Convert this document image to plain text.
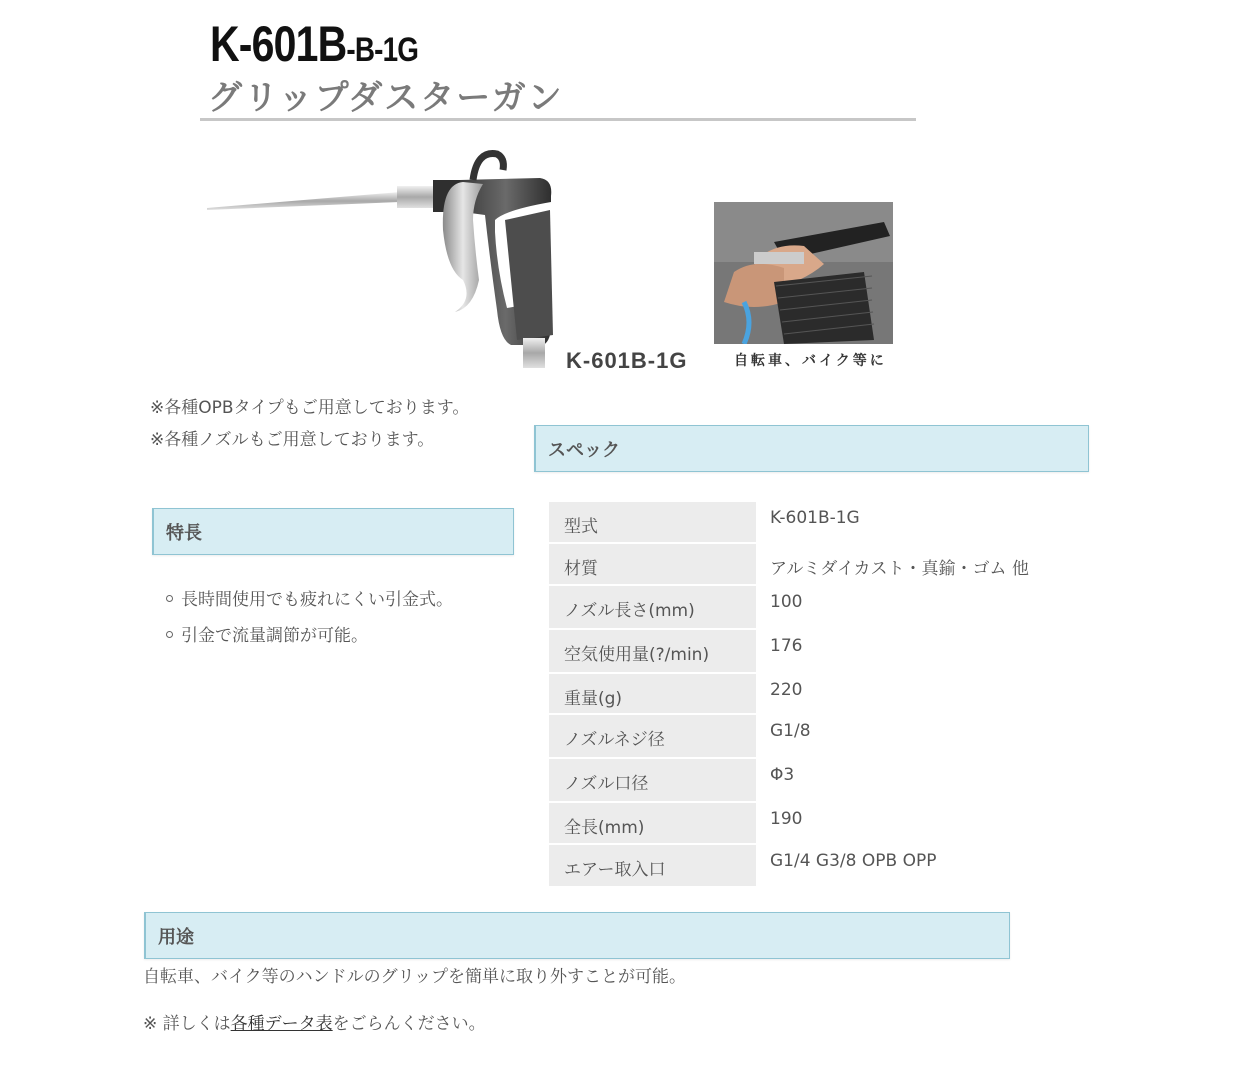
K-601B-B-1G
グリップダスターガン
K-601B-1G	自転車、バイク等に
※各種OPBタイプもご用意しております。
※各種ノズルもご用意しております。	スペック
特長
長時間使用でも疲れにくい引金式。
引金で流量調節が可能。
型式	K-601B-1G
材質	アルミダイカスト・真鍮・ゴム 他
ノズル長さ(mm)	100
空気使用量(?/min)	176
重量(g)	220
ノズルネジ径	G1/8
ノズル口径	Φ3
全長(mm)	190
エアー取入口	G1/4 G3/8 OPB OPP
用途
自転車、バイク等のハンドルのグリップを簡単に取り外すことが可能。
※ 詳しくは各種データ表をごらんください。
